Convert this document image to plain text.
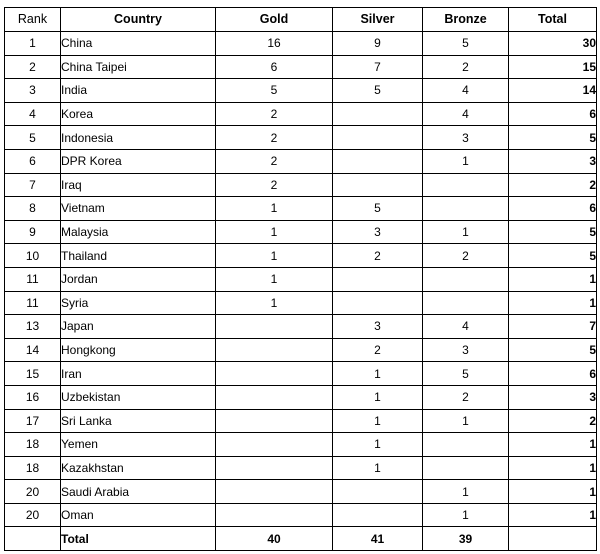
Rank	Country	Gold	Silver	Bronze	Total
1	China	16	9	5	30
2	China Taipei	6	7	2	15
3	India	5	5	4	14
4	Korea	2		4	6
5	Indonesia	2		3	5
6	DPR Korea	2		1	3
7	Iraq	2			2
8	Vietnam	1	5		6
9	Malaysia	1	3	1	5
10	Thailand	1	2	2	5
11	Jordan	1			1
11	Syria	1			1
13	Japan		3	4	7
14	Hongkong		2	3	5
15	Iran		1	5	6
16	Uzbekistan		1	2	3
17	Sri Lanka		1	1	2
18	Yemen		1		1
18	Kazakhstan		1		1
20	Saudi Arabia			1	1
20	Oman			1	1
	Total	40	41	39	
